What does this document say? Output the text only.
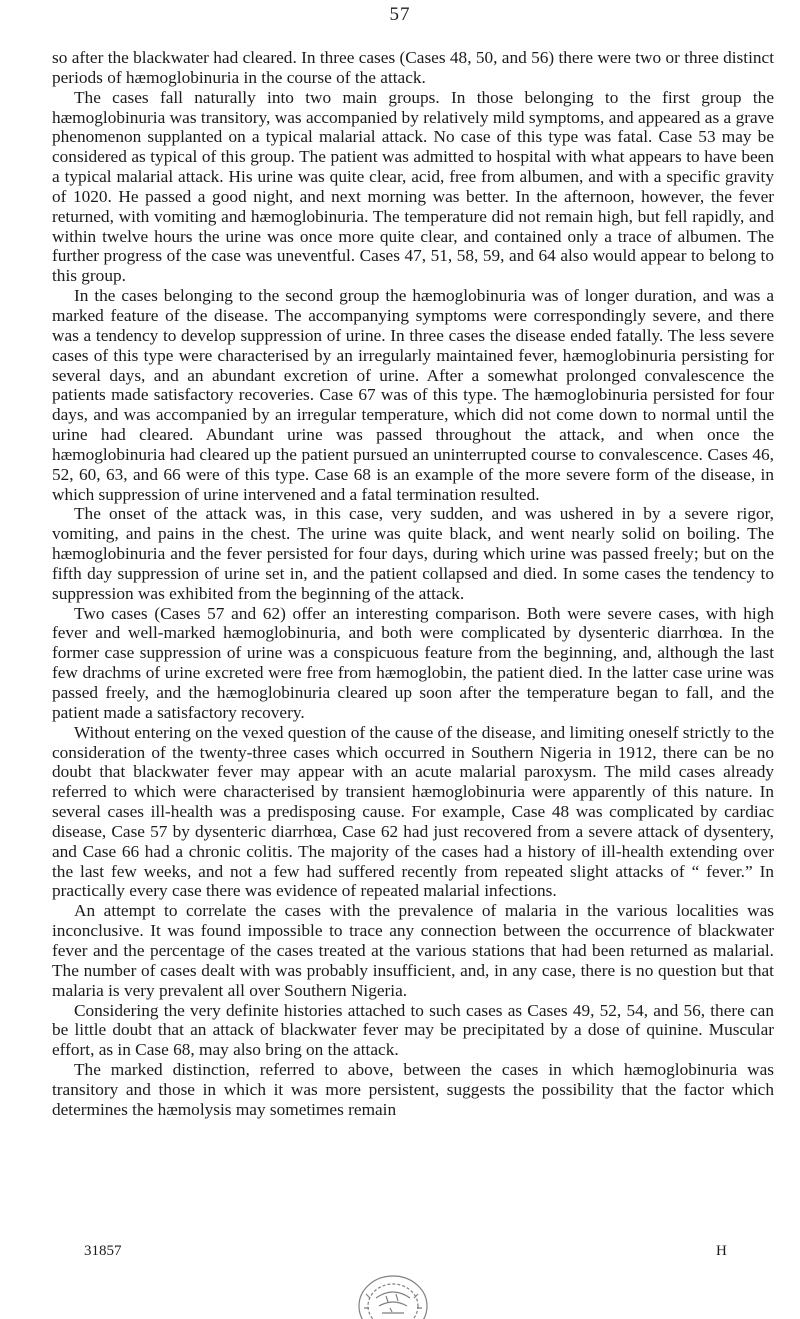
57

so after the blackwater had cleared. In three cases (Cases 48, 50, and 56) there were two or three distinct periods of hæmoglobinuria in the course of the attack.

The cases fall naturally into two main groups. In those belonging to the first group the hæmoglobinuria was transitory, was accompanied by relatively mild symptoms, and appeared as a grave phenomenon supplanted on a typical malarial attack. No case of this type was fatal. Case 53 may be considered as typical of this group. The patient was admitted to hospital with what appears to have been a typical malarial attack. His urine was quite clear, acid, free from albumen, and with a specific gravity of 1020. He passed a good night, and next morning was better. In the afternoon, however, the fever returned, with vomiting and hæmoglobinuria. The temperature did not remain high, but fell rapidly, and within twelve hours the urine was once more quite clear, and contained only a trace of albumen. The further progress of the case was uneventful. Cases 47, 51, 58, 59, and 64 also would appear to belong to this group.

In the cases belonging to the second group the hæmoglobinuria was of longer duration, and was a marked feature of the disease. The accompanying symptoms were correspondingly severe, and there was a tendency to develop suppression of urine. In three cases the disease ended fatally. The less severe cases of this type were characterised by an irregularly maintained fever, hæmoglobinuria persisting for several days, and an abundant excretion of urine. After a somewhat prolonged convalescence the patients made satisfactory recoveries. Case 67 was of this type. The hæmoglobinuria persisted for four days, and was accompanied by an irregular temperature, which did not come down to normal until the urine had cleared. Abundant urine was passed throughout the attack, and when once the hæmoglobinuria had cleared up the patient pursued an uninterrupted course to convalescence. Cases 46, 52, 60, 63, and 66 were of this type. Case 68 is an example of the more severe form of the disease, in which suppression of urine intervened and a fatal termination resulted.

The onset of the attack was, in this case, very sudden, and was ushered in by a severe rigor, vomiting, and pains in the chest. The urine was quite black, and went nearly solid on boiling. The hæmoglobinuria and the fever persisted for four days, during which urine was passed freely; but on the fifth day suppression of urine set in, and the patient collapsed and died. In some cases the tendency to suppression was exhibited from the beginning of the attack.

Two cases (Cases 57 and 62) offer an interesting comparison. Both were severe cases, with high fever and well-marked hæmoglobinuria, and both were complicated by dysenteric diarrhœa. In the former case suppression of urine was a conspicuous feature from the beginning, and, although the last few drachms of urine excreted were free from hæmoglobin, the patient died. In the latter case urine was passed freely, and the hæmoglobinuria cleared up soon after the temperature began to fall, and the patient made a satisfactory recovery.

Without entering on the vexed question of the cause of the disease, and limiting oneself strictly to the consideration of the twenty-three cases which occurred in Southern Nigeria in 1912, there can be no doubt that blackwater fever may appear with an acute malarial paroxysm. The mild cases already referred to which were characterised by transient hæmoglobinuria were apparently of this nature. In several cases ill-health was a predisposing cause. For example, Case 48 was complicated by cardiac disease, Case 57 by dysenteric diarrhœa, Case 62 had just recovered from a severe attack of dysentery, and Case 66 had a chronic colitis. The majority of the cases had a history of ill-health extending over the last few weeks, and not a few had suffered recently from repeated slight attacks of “ fever.” In practically every case there was evidence of repeated malarial infections.

An attempt to correlate the cases with the prevalence of malaria in the various localities was inconclusive. It was found impossible to trace any connection between the occurrence of blackwater fever and the percentage of the cases treated at the various stations that had been returned as malarial. The number of cases dealt with was probably insufficient, and, in any case, there is no question but that malaria is very prevalent all over Southern Nigeria.

Considering the very definite histories attached to such cases as Cases 49, 52, 54, and 56, there can be little doubt that an attack of blackwater fever may be precipitated by a dose of quinine. Muscular effort, as in Case 68, may also bring on the attack.

The marked distinction, referred to above, between the cases in which hæmoglobinuria was transitory and those in which it was more persistent, suggests the possibility that the factor which determines the hæmolysis may sometimes remain

31857	H
